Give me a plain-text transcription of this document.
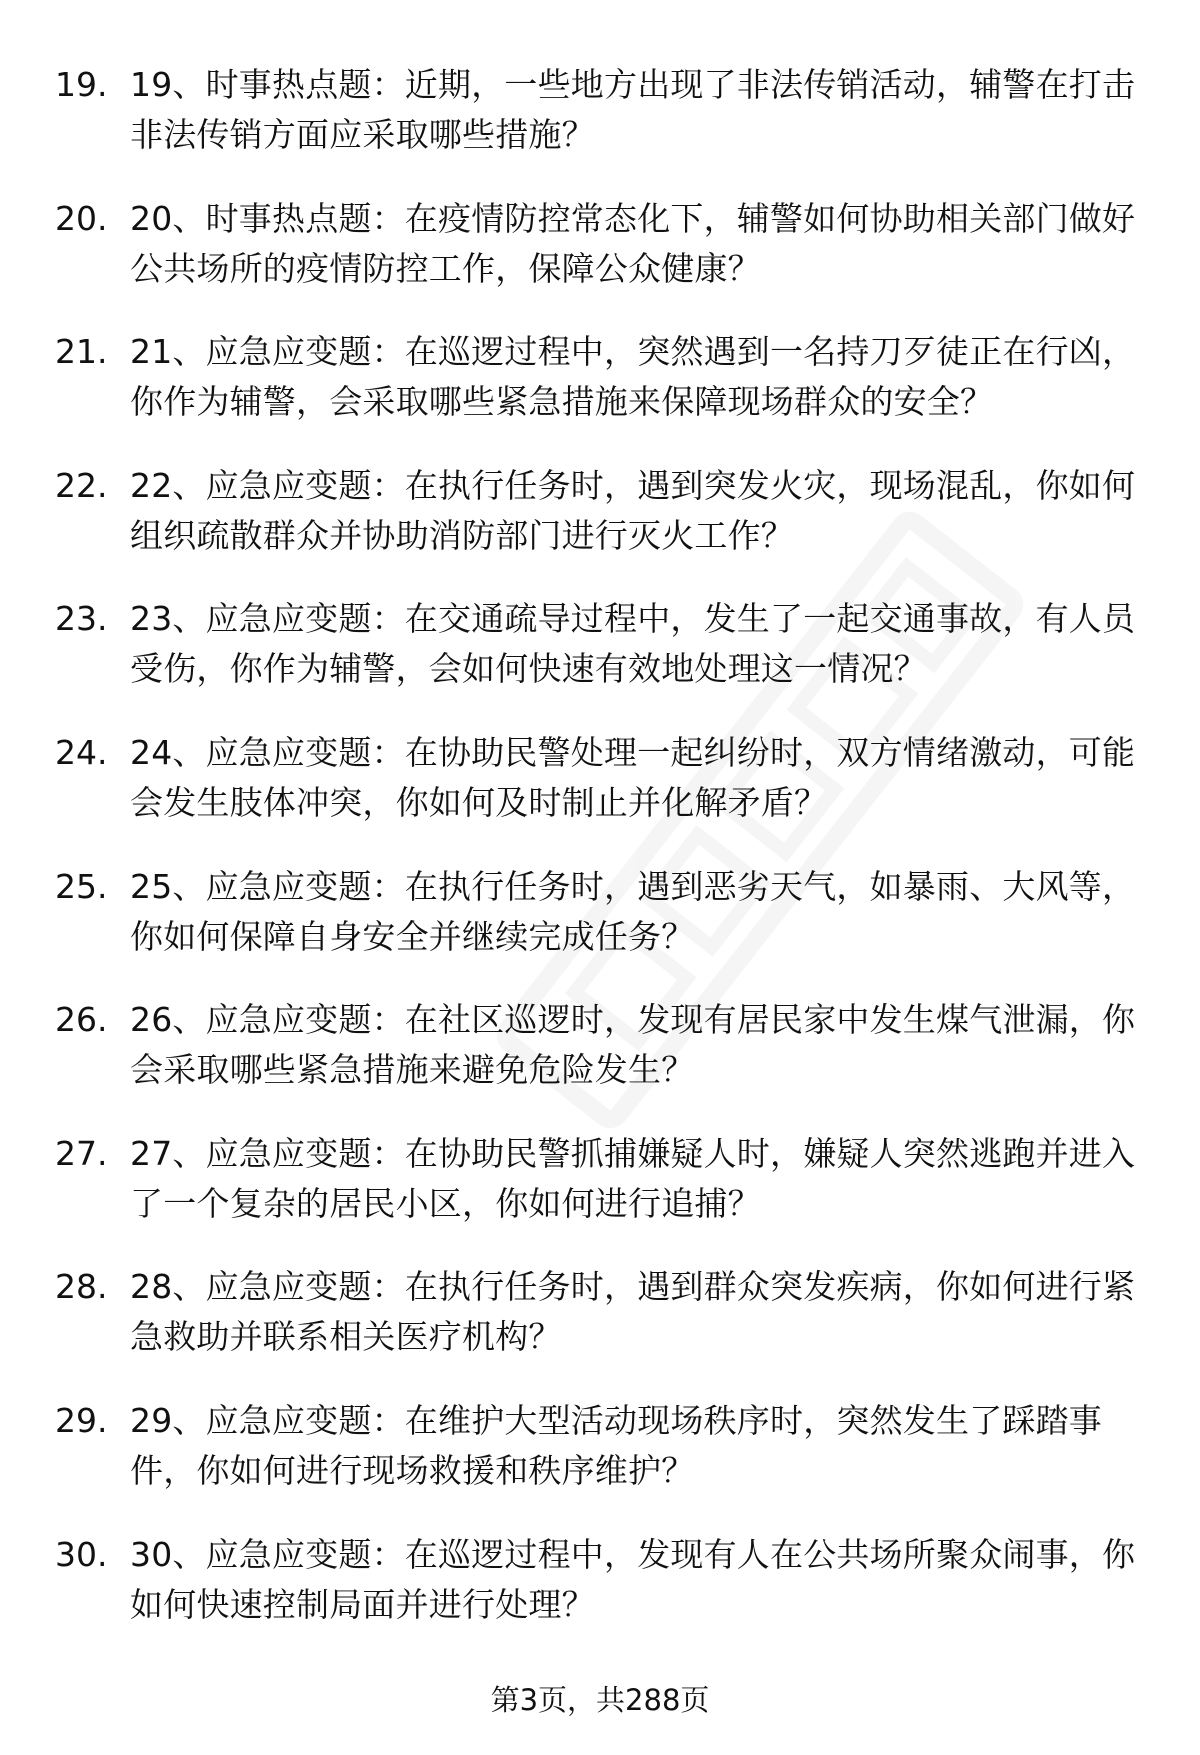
19. 19、时事热点题：近期，一些地方出现了非法传销活动，辅警在打击非法传销方面应采取哪些措施？
20. 20、时事热点题：在疫情防控常态化下，辅警如何协助相关部门做好公共场所的疫情防控工作，保障公众健康？
21. 21、应急应变题：在巡逻过程中，突然遇到一名持刀歹徒正在行凶，你作为辅警，会采取哪些紧急措施来保障现场群众的安全？
22. 22、应急应变题：在执行任务时，遇到突发火灾，现场混乱，你如何组织疏散群众并协助消防部门进行灭火工作？
23. 23、应急应变题：在交通疏导过程中，发生了一起交通事故，有人员受伤，你作为辅警，会如何快速有效地处理这一情况？
24. 24、应急应变题：在协助民警处理一起纠纷时，双方情绪激动，可能会发生肢体冲突，你如何及时制止并化解矛盾？
25. 25、应急应变题：在执行任务时，遇到恶劣天气，如暴雨、大风等，你如何保障自身安全并继续完成任务？
26. 26、应急应变题：在社区巡逻时，发现有居民家中发生煤气泄漏，你会采取哪些紧急措施来避免危险发生？
27. 27、应急应变题：在协助民警抓捕嫌疑人时，嫌疑人突然逃跑并进入了一个复杂的居民小区，你如何进行追捕？
28. 28、应急应变题：在执行任务时，遇到群众突发疾病，你如何进行紧急救助并联系相关医疗机构？
29. 29、应急应变题：在维护大型活动现场秩序时，突然发生了踩踏事件，你如何进行现场救援和秩序维护？
30. 30、应急应变题：在巡逻过程中，发现有人在公共场所聚众闹事，你如何快速控制局面并进行处理？
第3页，共288页
